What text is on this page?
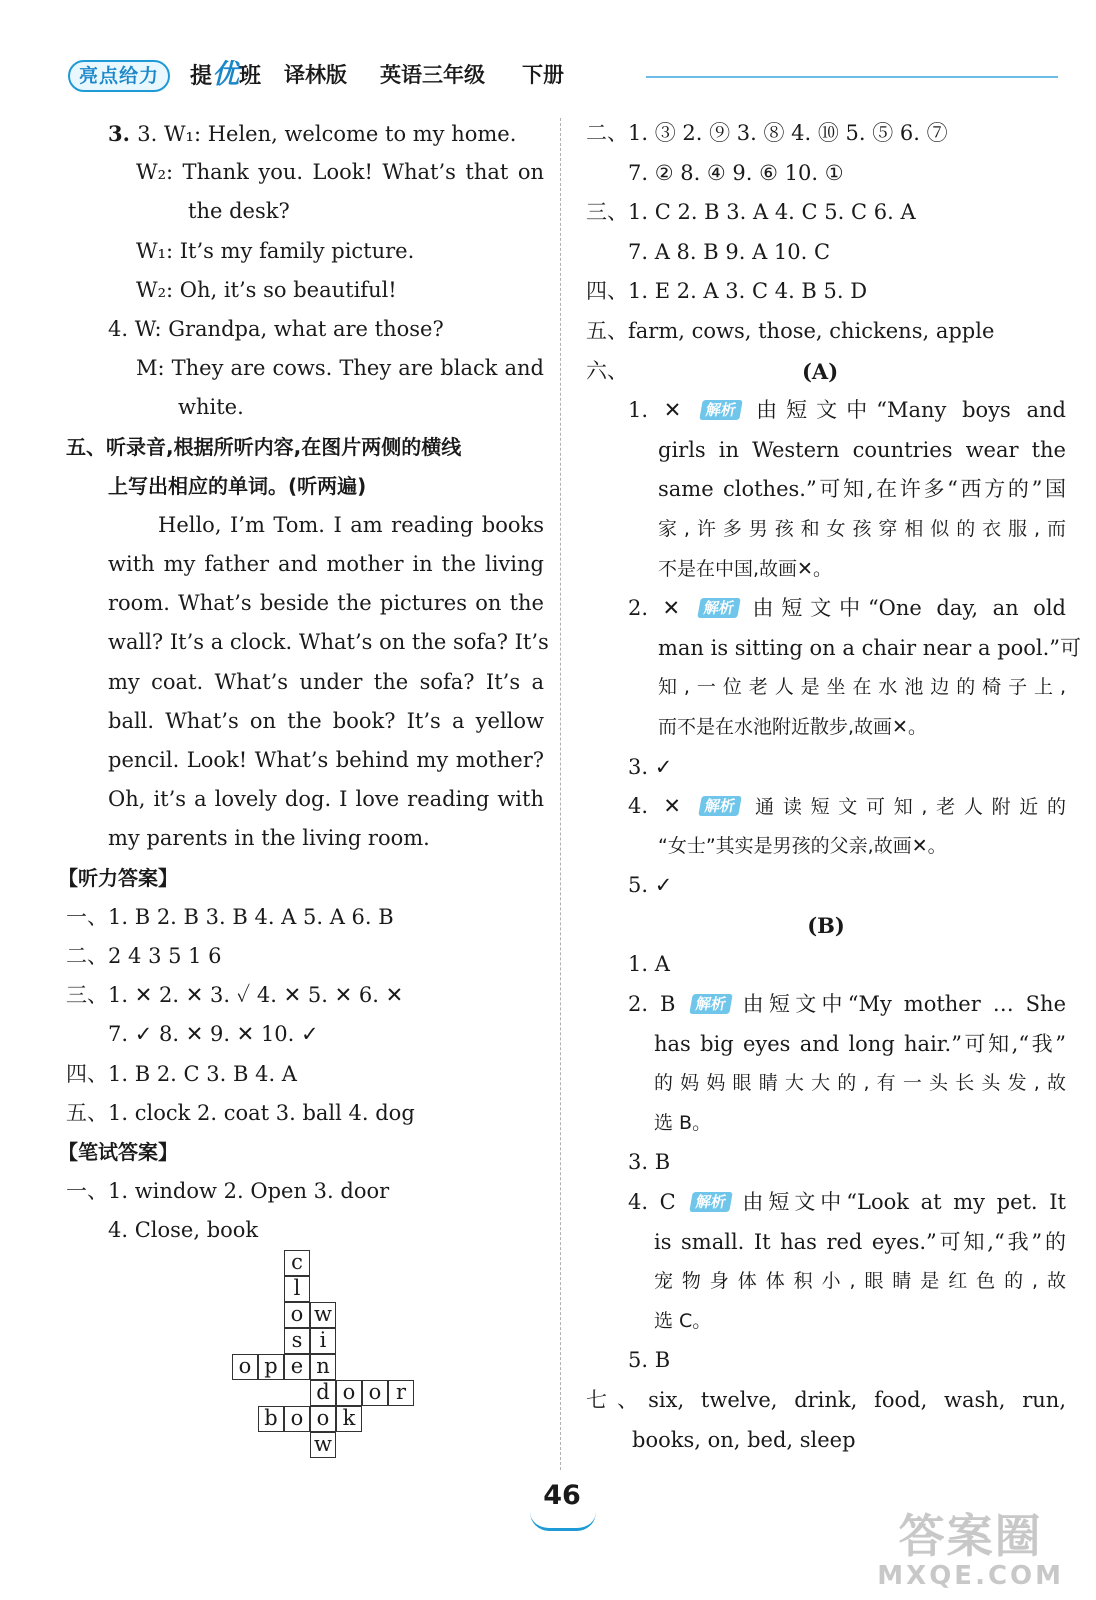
亮点给力	提优班 译林版 英语三年级 下册
3. 3. W₁: Helen, welcome to my home.
W₂: Thank you. Look! What’s that on
the desk?
W₁: It’s my family picture.
W₂: Oh, it’s so beautiful!
4. W: Grandpa, what are those?
M: They are cows. They are black and
white.
五、听录音,根据所听内容,在图片两侧的横线
上写出相应的单词。(听两遍)
Hello, I’m Tom. I am reading books
with my father and mother in the living
room. What’s beside the pictures on the
wall? It’s a clock. What’s on the sofa? It’s
my coat. What’s under the sofa? It’s a
ball. What’s on the book? It’s a yellow
pencil. Look! What’s behind my mother?
Oh, it’s a lovely dog. I love reading with
my parents in the living room.
【听力答案】
一、1. B 2. B 3. B 4. A 5. A 6. B
二、2 4 3 5 1 6
三、1. ✕ 2. ✕ 3. ✓ 4. ✕ 5. ✕ 6. ✕
7. ✓ 8. ✕ 9. ✕ 10. ✓
四、1. B 2. C 3. B 4. A
五、1. clock 2. coat 3. ball 4. dog
【笔试答案】
一、1. window 2. Open 3. door
4. Close, book
c
l
o w
s i
o p e n
d o o r
b o o k
w
二、1. ③ 2. ⑨ 3. ⑧ 4. ⑩ 5. ⑤ 6. ⑦
7. ② 8. ④ 9. ⑥ 10. ①
三、1. C 2. B 3. A 4. C 5. C 6. A
7. A 8. B 9. A 10. C
四、1. E 2. A 3. C 4. B 5. D
五、farm, cows, those, chickens, apple
六、	(A)
1. ✕ 解析 由短文中“Many boys and
girls in Western countries wear the
same clothes.”可知,在许多“西方的”国
家,许多男孩和女孩穿相似的衣服,而
不是在中国,故画✕。
2. ✕ 解析 由短文中“One day, an old
man is sitting on a chair near a pool.”可
知,一位老人是坐在水池边的椅子上,
而不是在水池附近散步,故画✕。
3. ✓
4. ✕ 解析 通读短文可知,老人附近的
“女士”其实是男孩的父亲,故画✕。
5. ✓
(B)
1. A
2. B 解析 由短文中“My mother … She
has big eyes and long hair.”可知,“我”
的妈妈眼睛大大的,有一头长头发,故
选 B。
3. B
4. C 解析 由短文中“Look at my pet. It
is small. It has red eyes.”可知,“我”的
宠物身体体积小,眼睛是红色的,故
选 C。
5. B
七、six, twelve, drink, food, wash, run,
books, on, bed, sleep
46
答案圈
MXQE.COM
